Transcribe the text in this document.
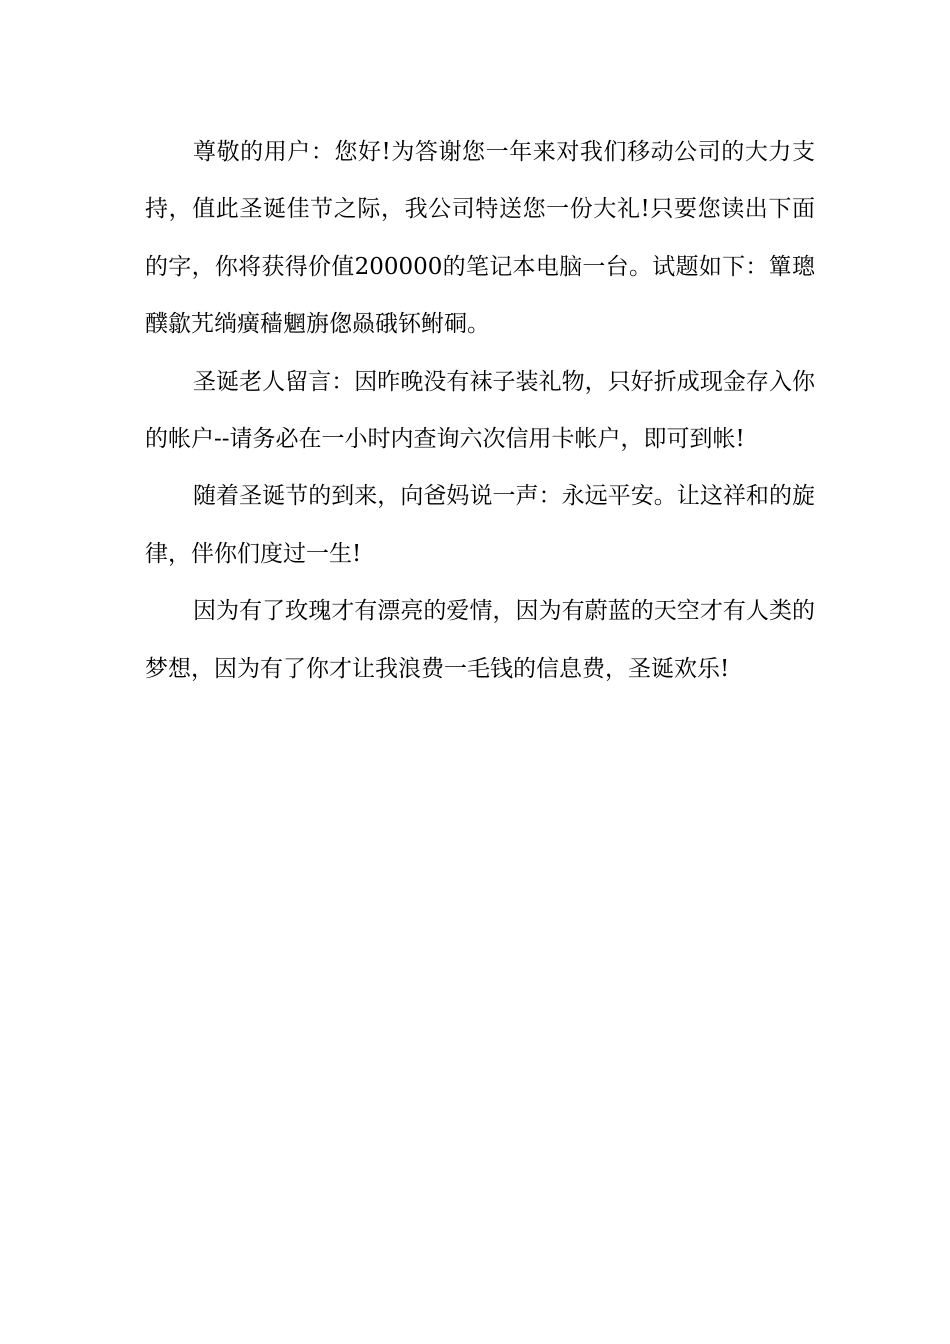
尊敬的用户：您好!为答谢您一年来对我们移动公司的大力支持，值此圣诞佳节之际，我公司特送您一份大礼!只要您读出下面的字，你将获得价值200000的笔记本电脑一台。试题如下：簞璁醭歙艽绱癀穑魍旃偬赑硪钚鲋硐。

圣诞老人留言：因昨晚没有袜子装礼物，只好折成现金存入你的帐户--请务必在一小时内查询六次信用卡帐户，即可到帐!

随着圣诞节的到来，向爸妈说一声：永远平安。让这祥和的旋律，伴你们度过一生!

因为有了玫瑰才有漂亮的爱情，因为有蔚蓝的天空才有人类的梦想，因为有了你才让我浪费一毛钱的信息费，圣诞欢乐!
